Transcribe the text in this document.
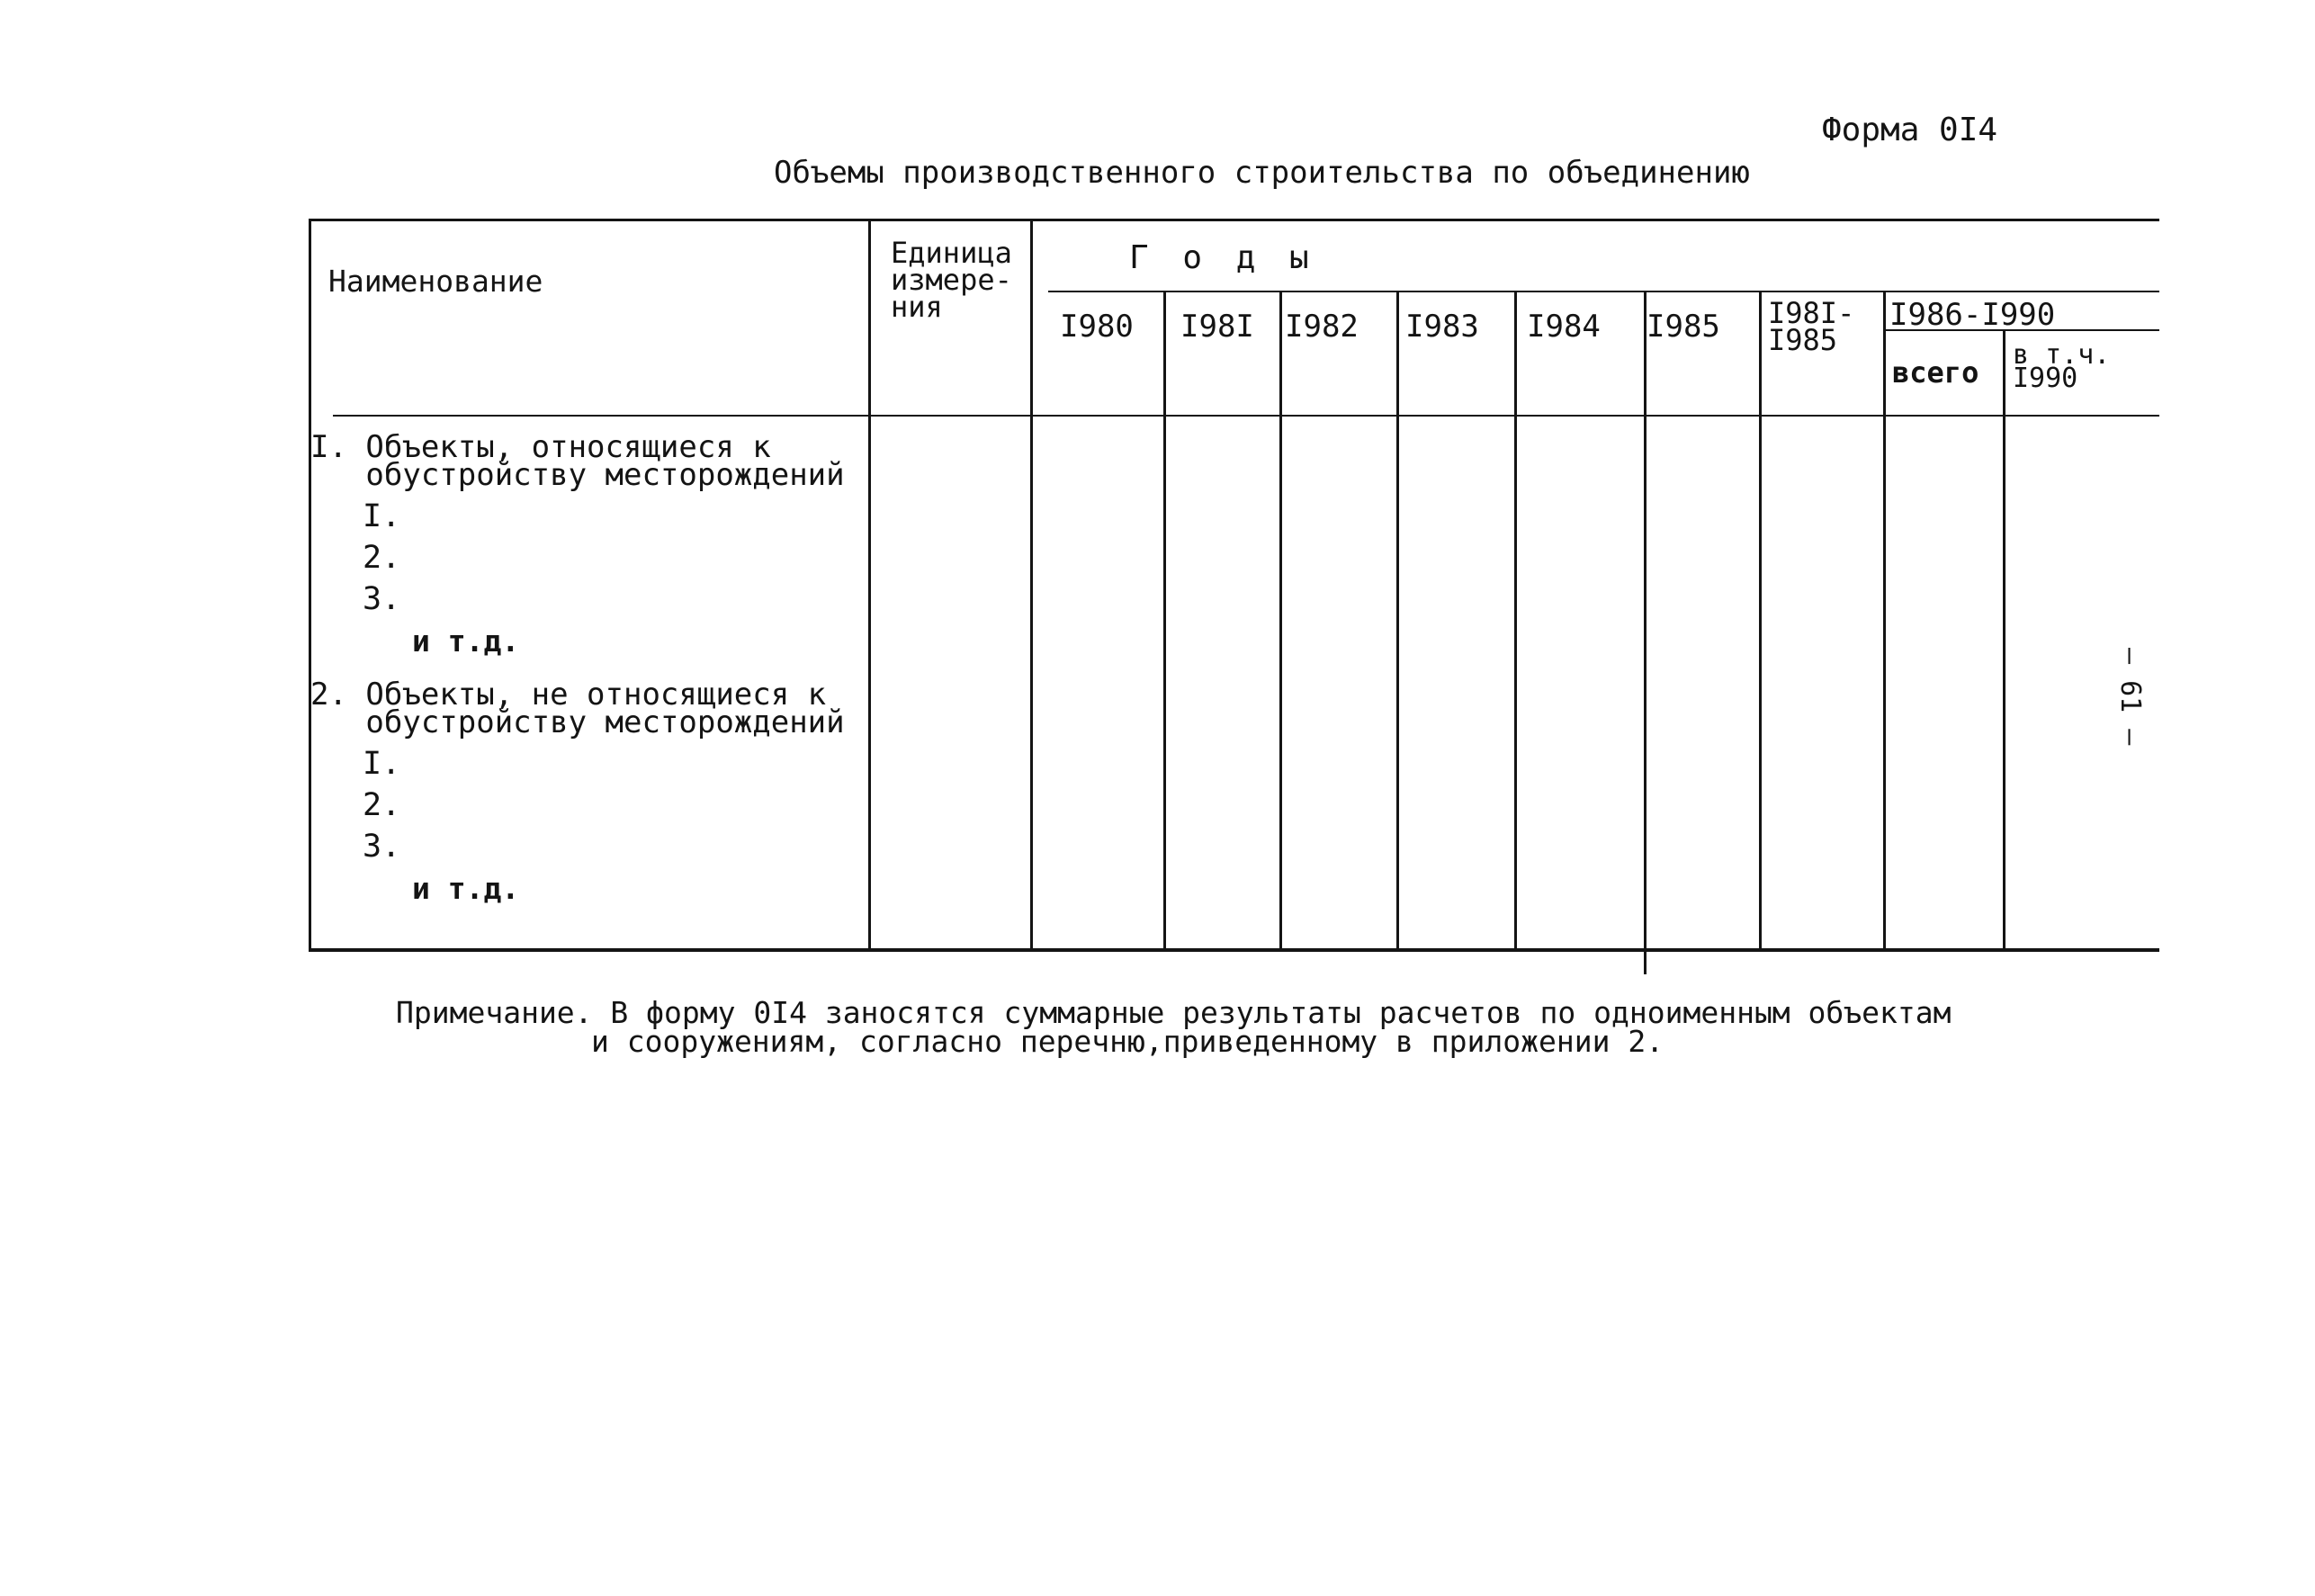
Форма 0I4
Объемы производственного строительства по объединению
Наименование
Единица
измере-
ния
Г о д ы
I980 I98I I982 I983 I984 I985 I98I-
I985
I986-I990
всего
в т.ч.
I990
I. Объекты, относящиеся к
обустройству месторождений
I.
2.
3.
и т.д.
2. Объекты, не относящиеся к
обустройству месторождений
I.
2.
3.
и т.д.
– 61 –
Примечание. В форму 0I4 заносятся суммарные результаты расчетов по одноименным объектам
и сооружениям, согласно перечню,приведенному в приложении 2.
